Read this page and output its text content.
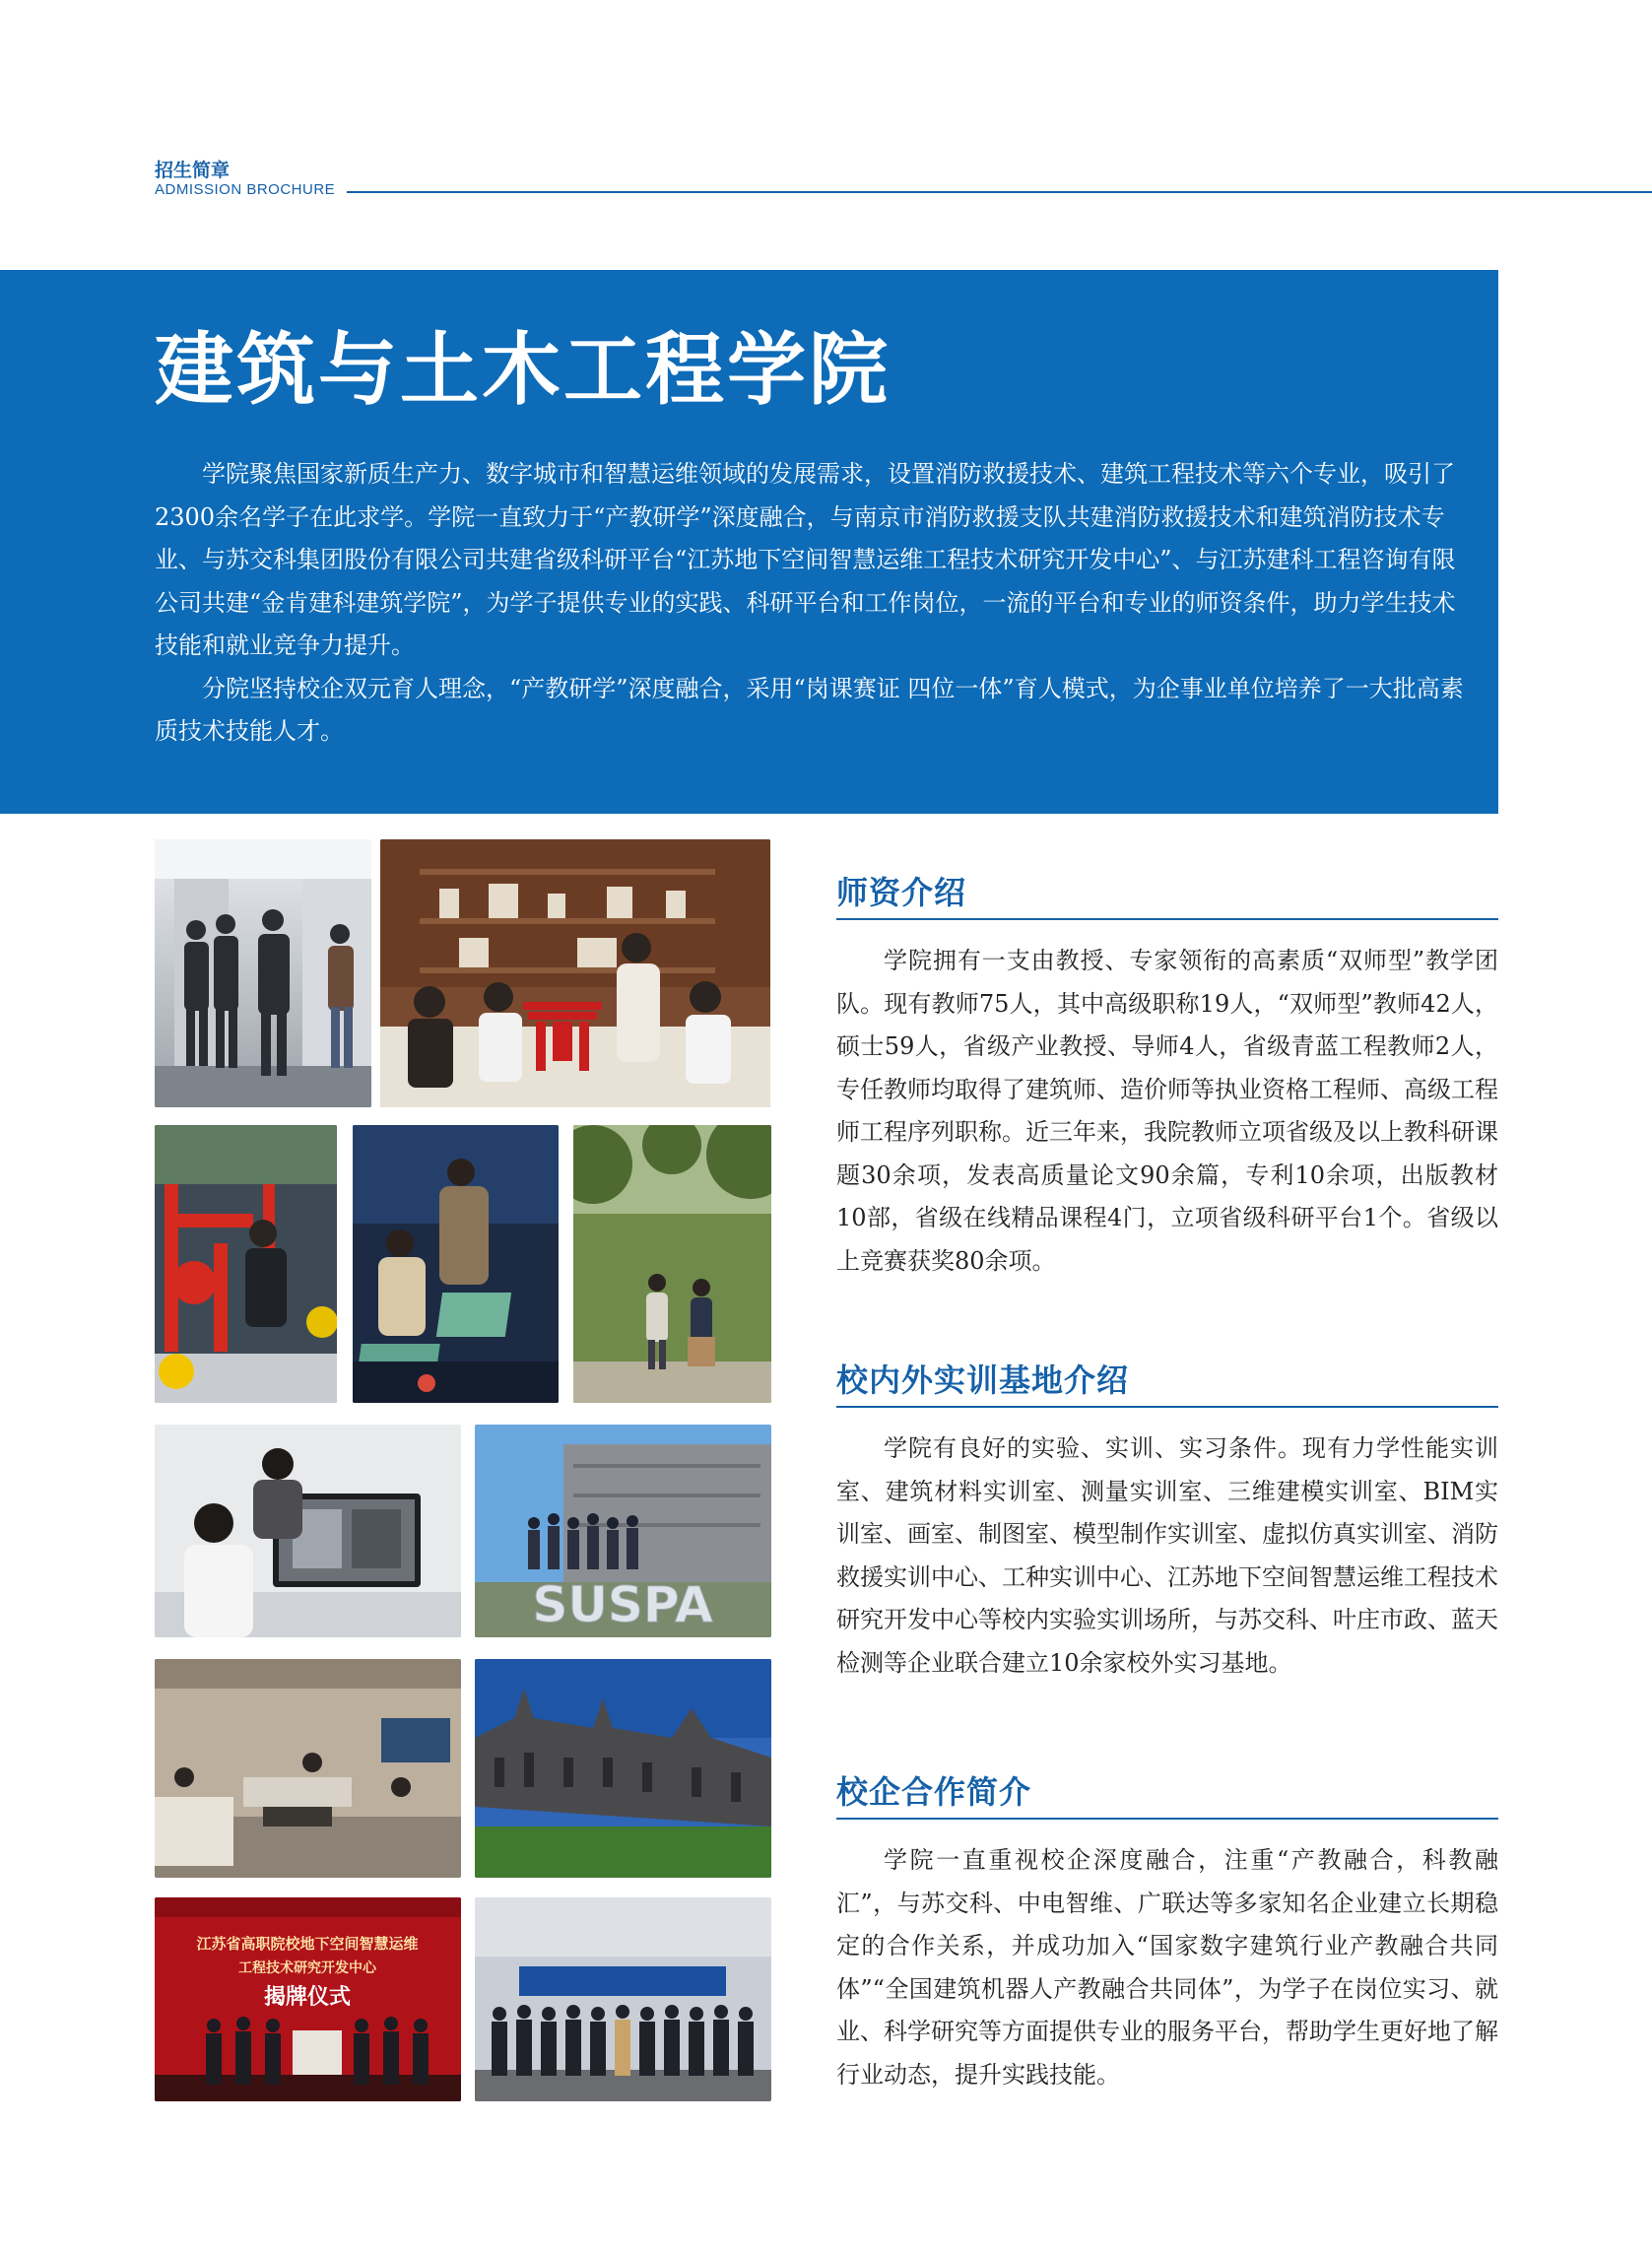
招生简章
ADMISSION BROCHURE
建筑与土木工程学院

学院聚焦国家新质生产力、数字城市和智慧运维领域的发展需求，设置消防救援技术、建筑工程技术等六个专业，吸引了2300余名学子在此求学。学院一直致力于“产教研学”深度融合，与南京市消防救援支队共建消防救援技术和建筑消防技术专业、与苏交科集团股份有限公司共建省级科研平台“江苏地下空间智慧运维工程技术研究开发中心”、与江苏建科工程咨询有限公司共建“金肯建科建筑学院”，为学子提供专业的实践、科研平台和工作岗位，一流的平台和专业的师资条件，助力学生技术技能和就业竞争力提升。

分院坚持校企双元育人理念，“产教研学”深度融合，采用“岗课赛证 四位一体”育人模式，为企事业单位培养了一大批高素质技术技能人才。

SUSPA
江苏省高职院校地下空间智慧运维
工程技术研究开发中心
揭牌仪式
师资介绍

学院拥有一支由教授、专家领衔的高素质“双师型”教学团队。现有教师75人，其中高级职称19人，“双师型”教师42人，硕士59人，省级产业教授、导师4人，省级青蓝工程教师2人，专任教师均取得了建筑师、造价师等执业资格工程师、高级工程师工程序列职称。近三年来，我院教师立项省级及以上教科研课题30余项，发表高质量论文90余篇，专利10余项，出版教材10部，省级在线精品课程4门，立项省级科研平台1个。省级以上竞赛获奖80余项。

校内外实训基地介绍

学院有良好的实验、实训、实习条件。现有力学性能实训室、建筑材料实训室、测量实训室、三维建模实训室、BIM实训室、画室、制图室、模型制作实训室、虚拟仿真实训室、消防救援实训中心、工种实训中心、江苏地下空间智慧运维工程技术研究开发中心等校内实验实训场所，与苏交科、叶庄市政、蓝天检测等企业联合建立10余家校外实习基地。

校企合作简介

学院一直重视校企深度融合，注重“产教融合，科教融汇”，与苏交科、中电智维、广联达等多家知名企业建立长期稳定的合作关系，并成功加入“国家数字建筑行业产教融合共同体”“全国建筑机器人产教融合共同体”，为学子在岗位实习、就业、科学研究等方面提供专业的服务平台，帮助学生更好地了解行业动态，提升实践技能。
